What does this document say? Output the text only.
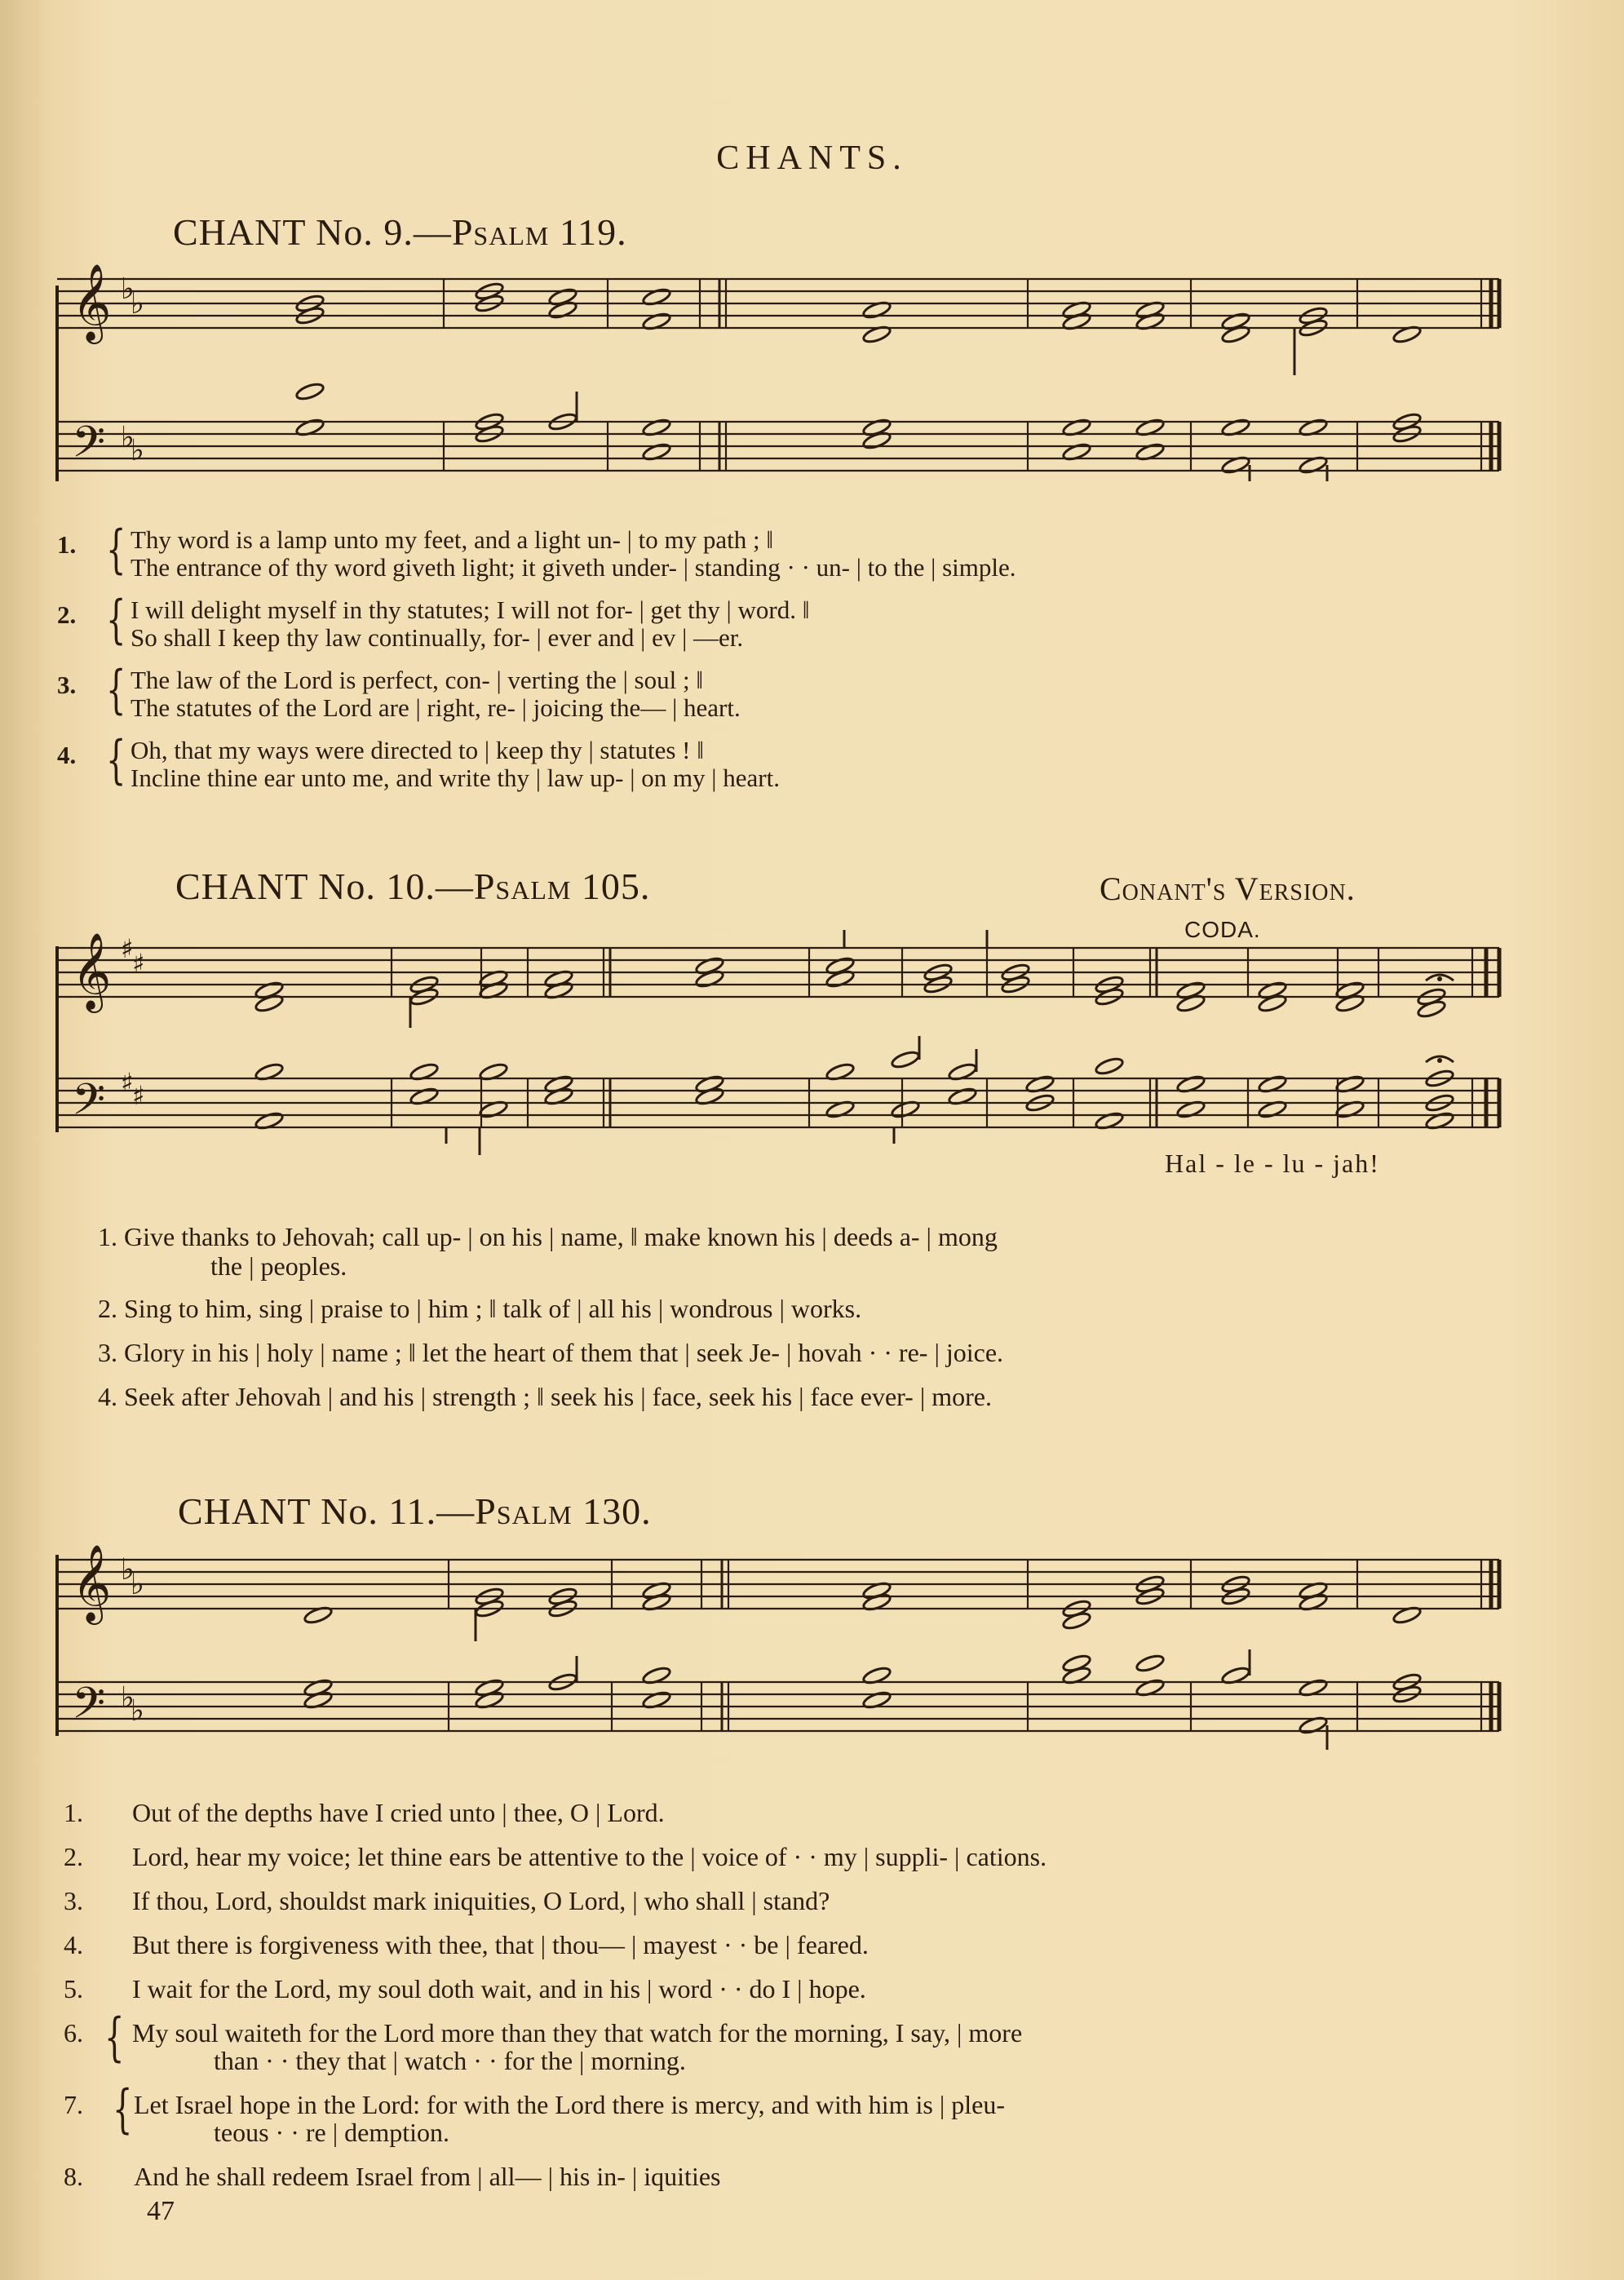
CHANTS.
CHANT No. 9.—Psalm 119.
𝄞
𝄢
♭
♭
♭
♭
1. { Thy word is a lamp unto my feet, and a light un- | to my path ; ‖
The entrance of thy word giveth light; it giveth under- | standing · · un- | to the | simple.
2. { I will delight myself in thy statutes; I will not for- | get thy | word. ‖
So shall I keep thy law continually, for- | ever and | ev | —er.
3. { The law of the Lord is perfect, con- | verting the | soul ; ‖
The statutes of the Lord are | right, re- | joicing the— | heart.
4. { Oh, that my ways were directed to | keep thy | statutes ! ‖
Incline thine ear unto me, and write thy | law up- | on my | heart.
CHANT No. 10.—Psalm 105.	Conant's Version.
CODA.
𝄞
𝄢
♯
♯
♯
♯
Hal - le - lu - jah!
1. Give thanks to Jehovah; call up- | on his | name, ‖ make known his | deeds a- | mong
the | peoples.
2. Sing to him, sing | praise to | him ; ‖ talk of | all his | wondrous | works.
3. Glory in his | holy | name ; ‖ let the heart of them that | seek Je- | hovah · · re- | joice.
4. Seek after Jehovah | and his | strength ; ‖ seek his | face, seek his | face ever- | more.
CHANT No. 11.—Psalm 130.
𝄞
𝄢
♭
♭
♭
♭
1. Out of the depths have I cried unto | thee, O | Lord.
2. Lord, hear my voice; let thine ears be attentive to the | voice of · · my | suppli- | cations.
3. If thou, Lord, shouldst mark iniquities, O Lord, | who shall | stand?
4. But there is forgiveness with thee, that | thou— | mayest · · be | feared.
5. I wait for the Lord, my soul doth wait, and in his | word · · do I | hope.
6. { My soul waiteth for the Lord more than they that watch for the morning, I say, | more
than · · they that | watch · · for the | morning.
7. { Let Israel hope in the Lord: for with the Lord there is mercy, and with him is | pleu-
teous · · re | demption.
8. And he shall redeem Israel from | all— | his in- | iquities
47
